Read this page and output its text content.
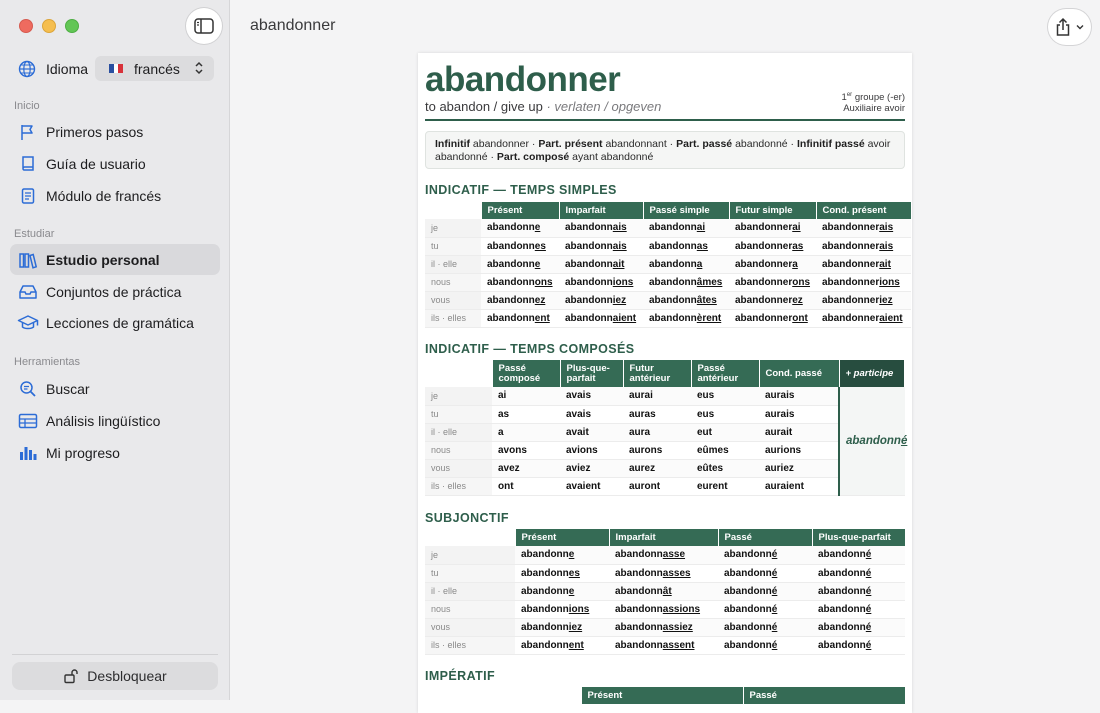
Idioma	francés
Inicio
Primeros pasos
Guía de usuario
Módulo de francés
Estudiar
Estudio personal
Conjuntos de práctica
Lecciones de gramática
Herramientas
Buscar
Análisis lingüístico
Mi progreso
Desbloquear
abandonner
abandonner
to abandon / give up · verlaten / opgeven
1er groupe (-er)
Auxiliaire avoir
Infinitif abandonner · Part. présent abandonnant · Part. passé abandonné · Infinitif passé avoir abandonné · Part. composé ayant abandonné
INDICATIF — TEMPS SIMPLES
	Présent	Imparfait	Passé simple	Futur simple	Cond. présent
je	abandonne	abandonnais	abandonnai	abandonnerai	abandonnerais
tu	abandonnes	abandonnais	abandonnas	abandonneras	abandonnerais
il · elle	abandonne	abandonnait	abandonna	abandonnera	abandonnerait
nous	abandonnons	abandonnions	abandonnâmes	abandonnerons	abandonnerions
vous	abandonnez	abandonniez	abandonnâtes	abandonnerez	abandonneriez
ils · elles	abandonnent	abandonnaient	abandonnèrent	abandonneront	abandonneraient
INDICATIF — TEMPS COMPOSÉS
	Passé composé	Plus-que-parfait	Futur antérieur	Passé antérieur	Cond. passé	+ participe
je	ai	avais	aurai	eus	aurais	abandonné
tu	as	avais	auras	eus	aurais	
il · elle	a	avait	aura	eut	aurait	
nous	avons	avions	aurons	eûmes	aurions	
vous	avez	aviez	aurez	eûtes	auriez	
ils · elles	ont	avaient	auront	eurent	auraient	
SUBJONCTIF
	Présent	Imparfait	Passé	Plus-que-parfait
je	abandonne	abandonnasse	abandonné	abandonné
tu	abandonnes	abandonnasses	abandonné	abandonné
il · elle	abandonne	abandonnât	abandonné	abandonné
nous	abandonnions	abandonnassions	abandonné	abandonné
vous	abandonniez	abandonnassiez	abandonné	abandonné
ils · elles	abandonnent	abandonnassent	abandonné	abandonné
IMPÉRATIF
	Présent	Passé
